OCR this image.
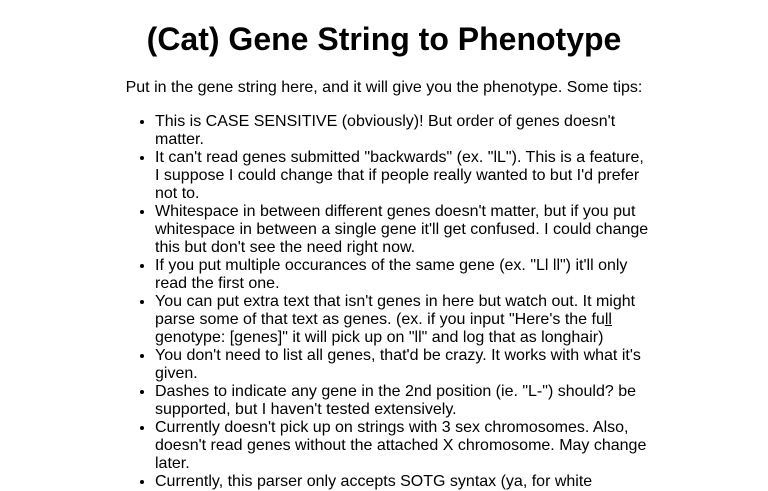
(Cat) Gene String to Phenotype

Put in the gene string here, and it will give you the phenotype. Some tips:

• This is CASE SENSITIVE (obviously)! But order of genes doesn't matter.
• It can't read genes submitted "backwards" (ex. "lL"). This is a feature, I suppose I could change that if people really wanted to but I'd prefer not to.
• Whitespace in between different genes doesn't matter, but if you put whitespace in between a single gene it'll get confused. I could change this but don't see the need right now.
• If you put multiple occurances of the same gene (ex. "Ll ll") it'll only read the first one.
• You can put extra text that isn't genes in here but watch out. It might parse some of that text as genes. (ex. if you input "Here's the full genotype: [genes]" it will pick up on "ll" and log that as longhair)
• You don't need to list all genes, that'd be crazy. It works with what it's given.
• Dashes to indicate any gene in the 2nd position (ie. "L-") should? be supported, but I haven't tested extensively.
• Currently doesn't pick up on strings with 3 sex chromosomes. Also, doesn't read genes without the attached X chromosome. May change later.
• Currently, this parser only accepts SOTG syntax (ya, for white
